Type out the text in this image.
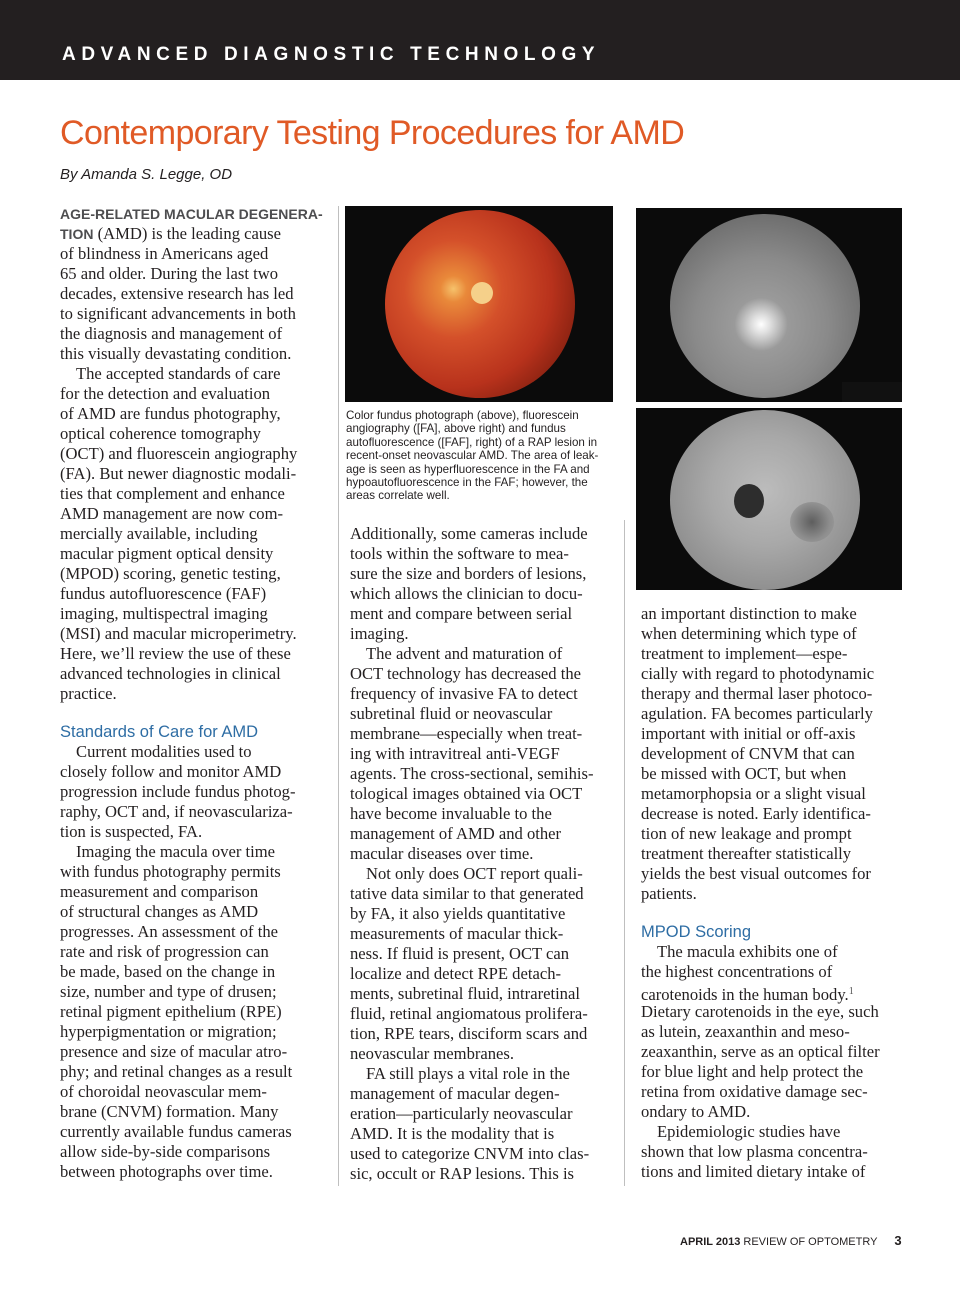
ADVANCED DIAGNOSTIC TECHNOLOGY
Contemporary Testing Procedures for AMD
By Amanda S. Legge, OD
AGE-RELATED MACULAR DEGENERA-
TION (AMD) is the leading cause
of blindness in Americans aged
65 and older. During the last two
decades, extensive research has led
to significant advancements in both
the diagnosis and management of
this visually devastating condition.
The accepted standards of care
for the detection and evaluation
of AMD are fundus photography,
optical coherence tomography
(OCT) and fluorescein angiography
(FA). But newer diagnostic modali-
ties that complement and enhance
AMD management are now com-
mercially available, including
macular pigment optical density
(MPOD) scoring, genetic testing,
fundus autofluorescence (FAF)
imaging, multispectral imaging
(MSI) and macular microperimetry.
Here, we’ll review the use of these
advanced technologies in clinical
practice.
Standards of Care for AMD
Current modalities used to
closely follow and monitor AMD
progression include fundus photog-
raphy, OCT and, if neovasculariza-
tion is suspected, FA.
Imaging the macula over time
with fundus photography permits
measurement and comparison
of structural changes as AMD
progresses. An assessment of the
rate and risk of progression can
be made, based on the change in
size, number and type of drusen;
retinal pigment epithelium (RPE)
hyperpigmentation or migration;
presence and size of macular atro-
phy; and retinal changes as a result
of choroidal neovascular mem-
brane (CNVM) formation. Many
currently available fundus cameras
allow side-by-side comparisons
between photographs over time.
Color fundus photograph (above), fluorescein
angiography ([FA], above right) and fundus
autofluorescence ([FAF], right) of a RAP lesion in
recent-onset neovascular AMD. The area of leak-
age is seen as hyperfluorescence in the FA and
hypoautofluorescence in the FAF; however, the
areas correlate well.
Additionally, some cameras include
tools within the software to mea-
sure the size and borders of lesions,
which allows the clinician to docu-
ment and compare between serial
imaging.
The advent and maturation of
OCT technology has decreased the
frequency of invasive FA to detect
subretinal fluid or neovascular
membrane—especially when treat-
ing with intravitreal anti-VEGF
agents. The cross-sectional, semihis-
tological images obtained via OCT
have become invaluable to the
management of AMD and other
macular diseases over time.
Not only does OCT report quali-
tative data similar to that generated
by FA, it also yields quantitative
measurements of macular thick-
ness. If fluid is present, OCT can
localize and detect RPE detach-
ments, subretinal fluid, intraretinal
fluid, retinal angiomatous prolifera-
tion, RPE tears, disciform scars and
neovascular membranes.
FA still plays a vital role in the
management of macular degen-
eration—particularly neovascular
AMD. It is the modality that is
used to categorize CNVM into clas-
sic, occult or RAP lesions. This is
an important distinction to make
when determining which type of
treatment to implement—espe-
cially with regard to photodynamic
therapy and thermal laser photoco-
agulation. FA becomes particularly
important with initial or off-axis
development of CNVM that can
be missed with OCT, but when
metamorphopsia or a slight visual
decrease is noted. Early identifica-
tion of new leakage and prompt
treatment thereafter statistically
yields the best visual outcomes for
patients.
MPOD Scoring
The macula exhibits one of
the highest concentrations of
carotenoids in the human body.$^1$
Dietary carotenoids in the eye, such
as lutein, zeaxanthin and meso-
zeaxanthin, serve as an optical filter
for blue light and help protect the
retina from oxidative damage sec-
ondary to AMD.
Epidemiologic studies have
shown that low plasma concentra-
tions and limited dietary intake of
APRIL 2013 REVIEW OF OPTOMETRY 3
